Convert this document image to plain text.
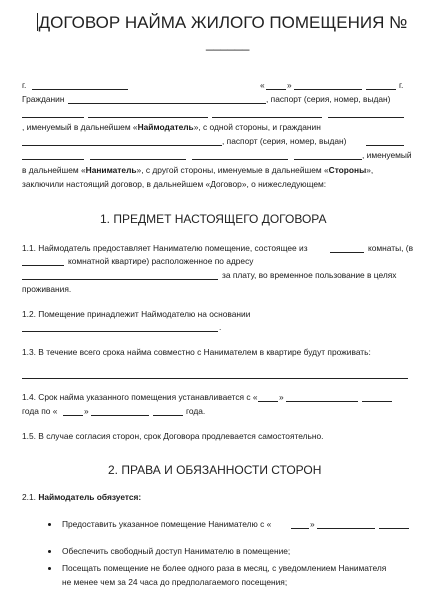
ДОГОВОР НАЙМА ЖИЛОГО ПОМЕЩЕНИЯ №
______
г.	«	»	г.
Гражданин	, паспорт (серия, номер, выдан)
, именуемый в дальнейшем «Наймодатель», с одной стороны, и гражданин
, паспорт (серия, номер, выдан)
, именуемый
в дальнейшем «Наниматель», с другой стороны, именуемые в дальнейшем «Стороны»,
заключили настоящий договор, в дальнейшем «Договор», о нижеследующем:
1. ПРЕДМЕТ НАСТОЯЩЕГО ДОГОВОРА
1.1. Наймодатель предоставляет Нанимателю помещение, состоящее из	комнаты, (в
комнатной квартире) расположенное по адресу
за плату, во временное пользование в целях
проживания.
1.2. Помещение принадлежит Наймодателю на основании
.
1.3. В течение всего срока найма совместно с Нанимателем в квартире будут проживать:
1.4. Срок найма указанного помещения устанавливается с «	»
года по «	»	года.
1.5. В случае согласия сторон, срок Договора продлевается самостоятельно.
2. ПРАВА И ОБЯЗАННОСТИ СТОРОН
2.1. Наймодатель обязуется:
Предоставить указанное помещение Нанимателю с «	»
Обеспечить свободный доступ Нанимателю в помещение;
Посещать помещение не более одного раза в месяц, с уведомлением Нанимателя
не менее чем за 24 часа до предполагаемого посещения;
